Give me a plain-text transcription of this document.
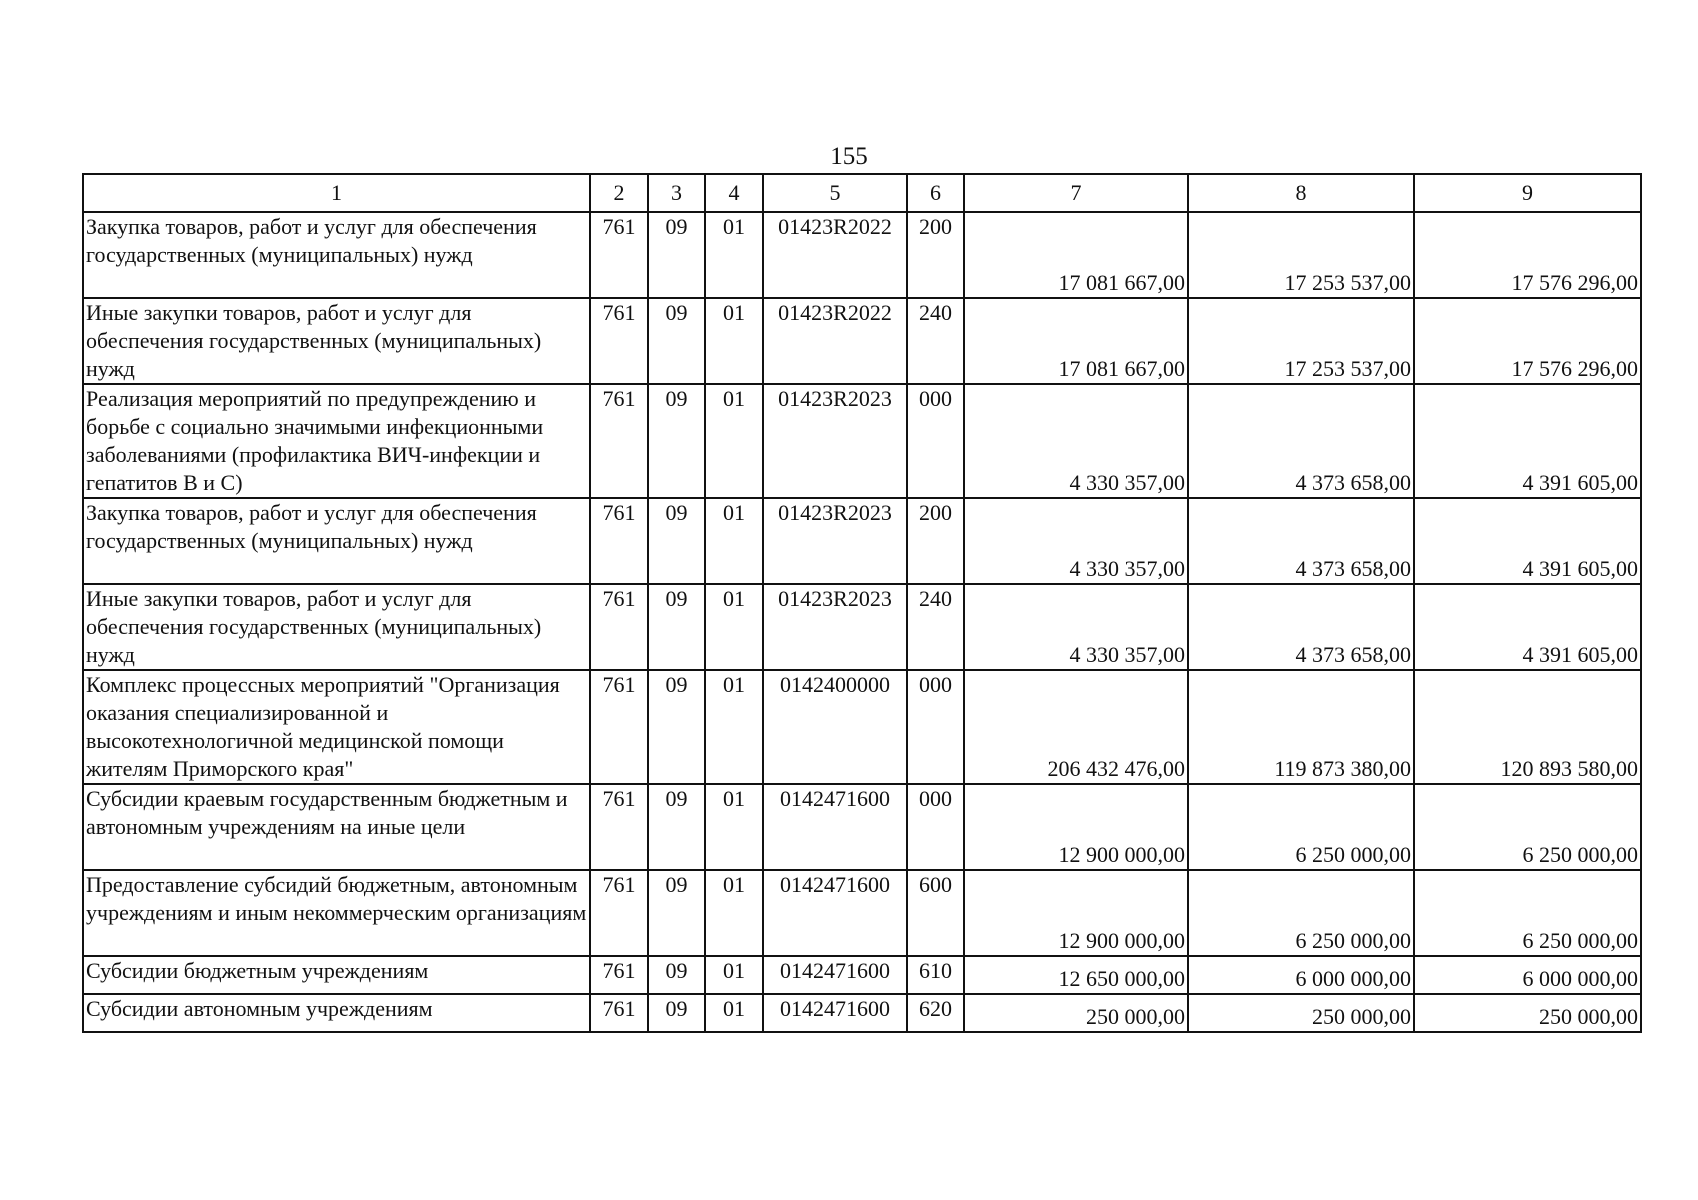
155
1	2	3	4	5	6	7	8	9
Закупка товаров, работ и услуг для обеспечения государственных (муниципальных) нужд	761	09	01	01423R2022	200	17 081 667,00	17 253 537,00	17 576 296,00
Иные закупки товаров, работ и услуг для обеспечения государственных (муниципальных) нужд	761	09	01	01423R2022	240	17 081 667,00	17 253 537,00	17 576 296,00
Реализация мероприятий по предупреждению и борьбе с социально значимыми инфекционными заболеваниями (профилактика ВИЧ-инфекции и гепатитов B и C)	761	09	01	01423R2023	000	4 330 357,00	4 373 658,00	4 391 605,00
Закупка товаров, работ и услуг для обеспечения государственных (муниципальных) нужд	761	09	01	01423R2023	200	4 330 357,00	4 373 658,00	4 391 605,00
Иные закупки товаров, работ и услуг для обеспечения государственных (муниципальных) нужд	761	09	01	01423R2023	240	4 330 357,00	4 373 658,00	4 391 605,00
Комплекс процессных мероприятий "Организация оказания специализированной и высокотехнологичной медицинской помощи жителям Приморского края"	761	09	01	0142400000	000	206 432 476,00	119 873 380,00	120 893 580,00
Субсидии краевым государственным бюджетным и автономным учреждениям на иные цели	761	09	01	0142471600	000	12 900 000,00	6 250 000,00	6 250 000,00
Предоставление субсидий бюджетным, автономным учреждениям и иным некоммерческим организациям	761	09	01	0142471600	600	12 900 000,00	6 250 000,00	6 250 000,00
Субсидии бюджетным учреждениям	761	09	01	0142471600	610	12 650 000,00	6 000 000,00	6 000 000,00
Субсидии автономным учреждениям	761	09	01	0142471600	620	250 000,00	250 000,00	250 000,00
